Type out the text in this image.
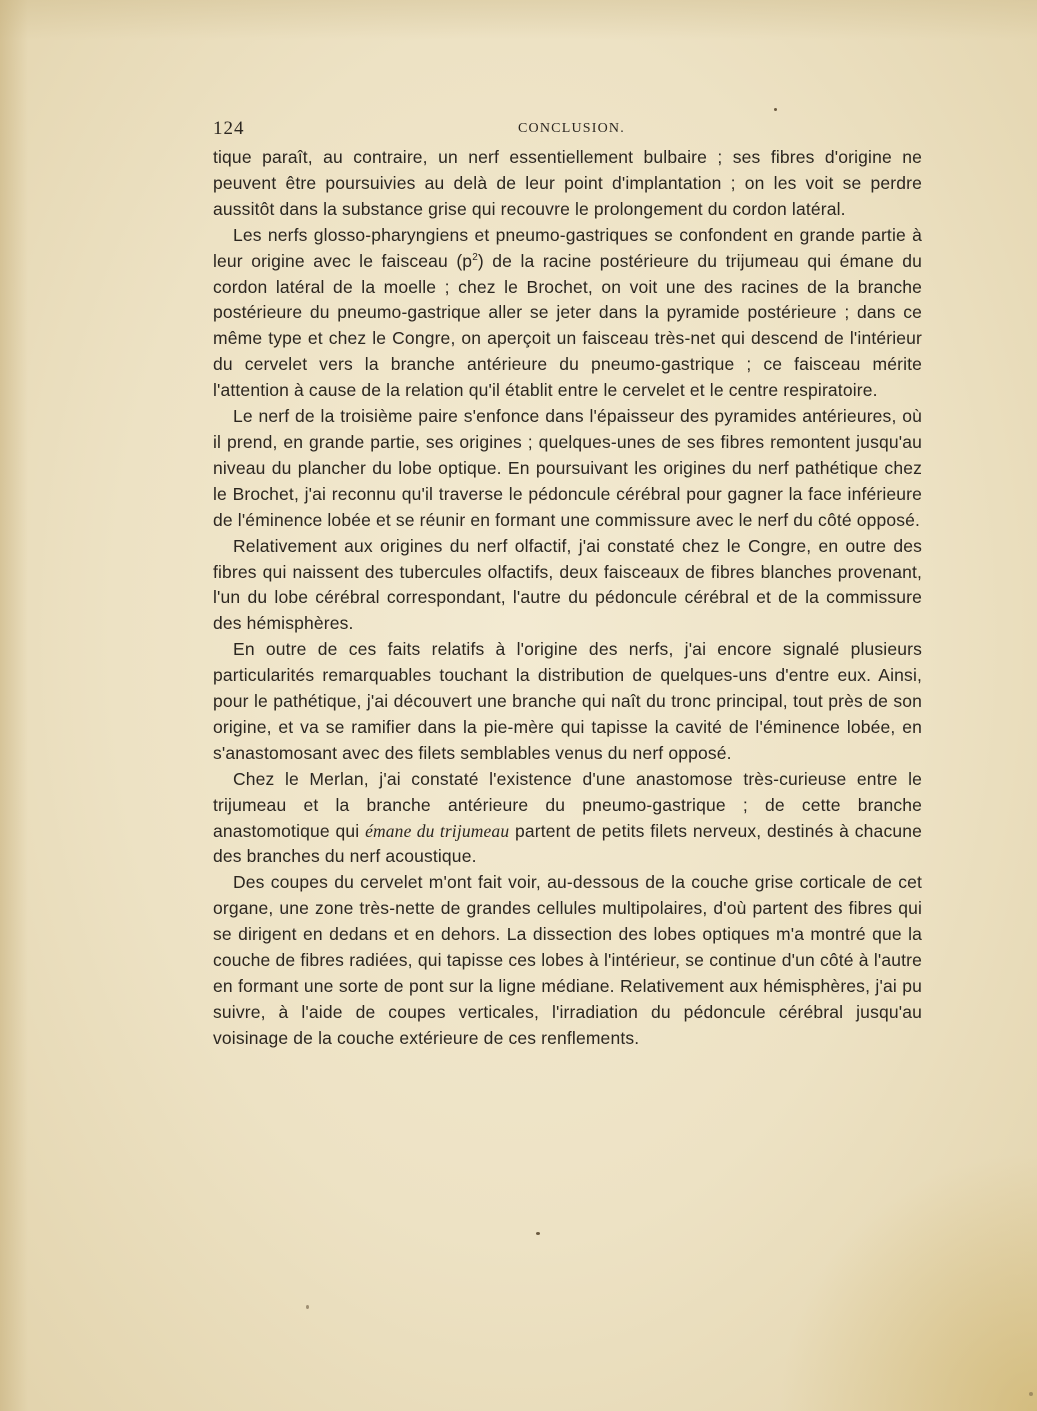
124	CONCLUSION.

tique paraît, au contraire, un nerf essentiellement bulbaire ; ses fibres d'origine ne peuvent être poursuivies au delà de leur point d'implantation ; on les voit se perdre aussitôt dans la substance grise qui recouvre le prolongement du cordon latéral.

Les nerfs glosso-pharyngiens et pneumo-gastriques se confondent en grande partie à leur origine avec le faisceau $(p^2)$ de la racine postérieure du trijumeau qui émane du cordon latéral de la moelle ; chez le Brochet, on voit une des racines de la branche postérieure du pneumo-gastrique aller se jeter dans la pyramide postérieure ; dans ce même type et chez le Congre, on aperçoit un faisceau très-net qui descend de l'intérieur du cervelet vers la branche antérieure du pneumo-gastrique ; ce faisceau mérite l'attention à cause de la relation qu'il établit entre le cervelet et le centre respiratoire.

Le nerf de la troisième paire s'enfonce dans l'épaisseur des pyramides antérieures, où il prend, en grande partie, ses origines ; quelques-unes de ses fibres remontent jusqu'au niveau du plancher du lobe optique. En poursuivant les origines du nerf pathétique chez le Brochet, j'ai reconnu qu'il traverse le pédoncule cérébral pour gagner la face inférieure de l'éminence lobée et se réunir en formant une commissure avec le nerf du côté opposé.

Relativement aux origines du nerf olfactif, j'ai constaté chez le Congre, en outre des fibres qui naissent des tubercules olfactifs, deux faisceaux de fibres blanches provenant, l'un du lobe cérébral correspondant, l'autre du pédoncule cérébral et de la commissure des hémisphères.

En outre de ces faits relatifs à l'origine des nerfs, j'ai encore signalé plusieurs particularités remarquables touchant la distribution de quelques-uns d'entre eux. Ainsi, pour le pathétique, j'ai découvert une branche qui naît du tronc principal, tout près de son origine, et va se ramifier dans la pie-mère qui tapisse la cavité de l'éminence lobée, en s'anastomosant avec des filets semblables venus du nerf opposé.

Chez le Merlan, j'ai constaté l'existence d'une anastomose très-curieuse entre le trijumeau et la branche antérieure du pneumo-gastrique ; de cette branche anastomotique qui émane du trijumeau partent de petits filets nerveux, destinés à chacune des branches du nerf acoustique.

Des coupes du cervelet m'ont fait voir, au-dessous de la couche grise corticale de cet organe, une zone très-nette de grandes cellules multipolaires, d'où partent des fibres qui se dirigent en dedans et en dehors. La dissection des lobes optiques m'a montré que la couche de fibres radiées, qui tapisse ces lobes à l'intérieur, se continue d'un côté à l'autre en formant une sorte de pont sur la ligne médiane. Relativement aux hémisphères, j'ai pu suivre, à l'aide de coupes verticales, l'irradiation du pédoncule cérébral jusqu'au voisinage de la couche extérieure de ces renflements.
